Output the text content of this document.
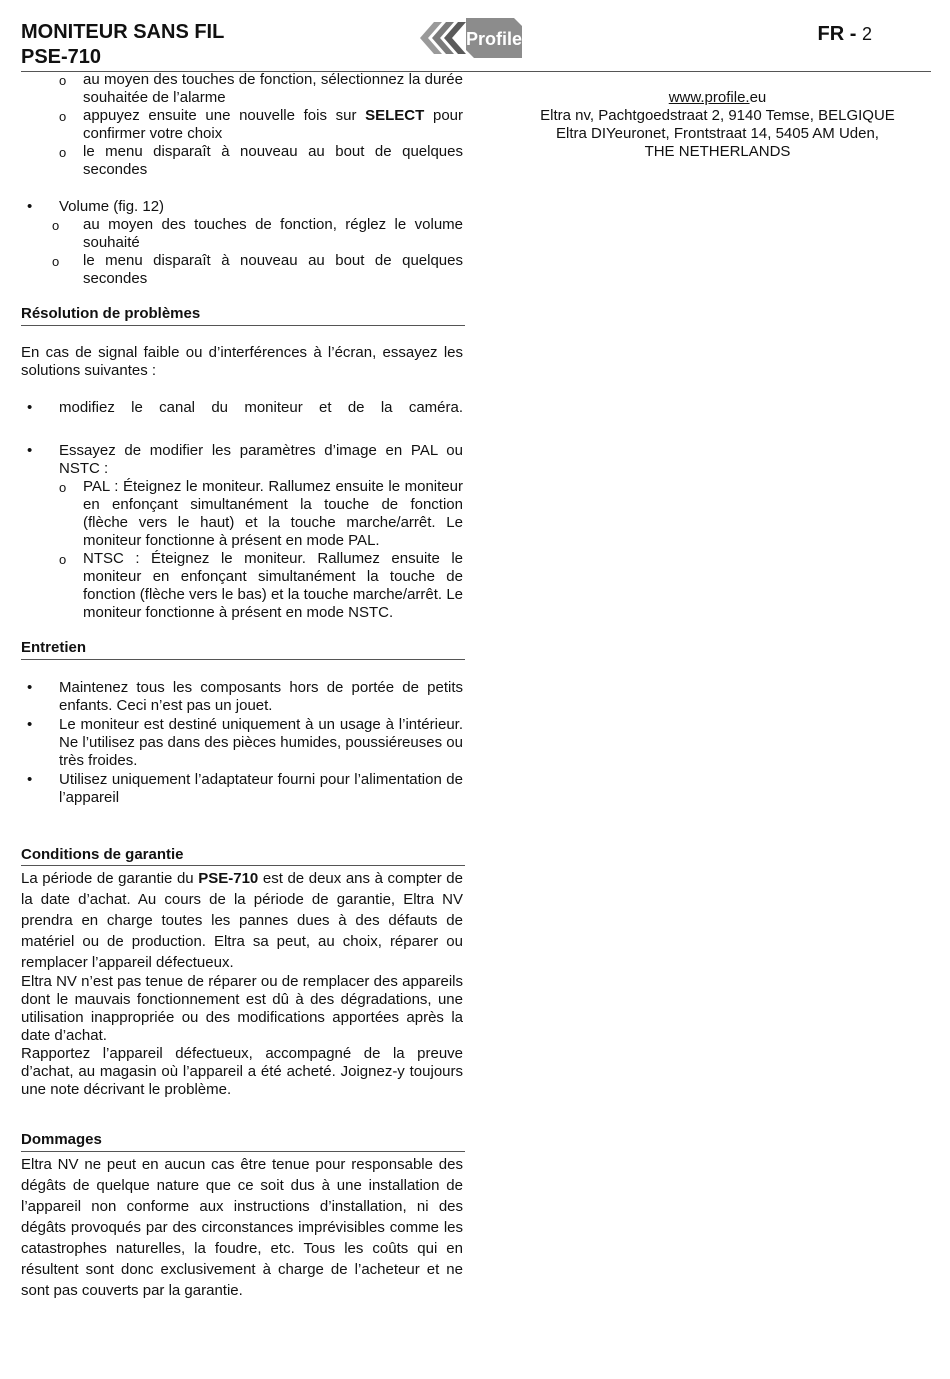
MONITEUR SANS FIL
PSE-710
Profile	FR - 2
www.profile.eu
Eltra nv, Pachtgoedstraat 2, 9140 Temse, BELGIQUE
Eltra DIYeuronet, Frontstraat 14, 5405 AM Uden,
THE NETHERLANDS
o au moyen des touches de fonction, sélectionnez la durée souhaitée de l’alarme
o appuyez ensuite une nouvelle fois sur SELECT pour confirmer votre choix
o le menu disparaît à nouveau au bout de quelques secondes
• Volume (fig. 12)
o au moyen des touches de fonction, réglez le volume souhaité
o le menu disparaît à nouveau au bout de quelques secondes
Résolution de problèmes
En cas de signal faible ou d’interférences à l’écran, essayez les solutions suivantes :
• modifiez le canal du moniteur et de la caméra.
• Essayez de modifier les paramètres d’image en PAL ou NSTC :
o PAL : Éteignez le moniteur. Rallumez ensuite le moniteur en enfonçant simultanément la touche de fonction (flèche vers le haut) et la touche marche/arrêt. Le moniteur fonctionne à présent en mode PAL.
o NTSC : Éteignez le moniteur. Rallumez ensuite le moniteur en enfonçant simultanément la touche de fonction (flèche vers le bas) et la touche marche/arrêt. Le moniteur fonctionne à présent en mode NSTC.
Entretien
• Maintenez tous les composants hors de portée de petits enfants. Ceci n’est pas un jouet.
• Le moniteur est destiné uniquement à un usage à l’intérieur. Ne l’utilisez pas dans des pièces humides, poussiéreuses ou très froides.
• Utilisez uniquement l’adaptateur fourni pour l’alimentation de l’appareil
Conditions de garantie

La période de garantie du PSE-710 est de deux ans à compter de la date d’achat. Au cours de la période de garantie, Eltra NV prendra en charge toutes les pannes dues à des défauts de matériel ou de production. Eltra sa peut, au choix, réparer ou remplacer l’appareil défectueux.

Eltra NV n’est pas tenue de réparer ou de remplacer des appareils dont le mauvais fonctionnement est dû à des dégradations, une utilisation inappropriée ou des modifications apportées après la date d’achat.

Rapportez l’appareil défectueux, accompagné de la preuve d’achat, au magasin où l’appareil a été acheté. Joignez-y toujours une note décrivant le problème.

Dommages

Eltra NV ne peut en aucun cas être tenue pour responsable des dégâts de quelque nature que ce soit dus à une installation de l’appareil non conforme aux instructions d’installation, ni des dégâts provoqués par des circonstances imprévisibles comme les catastrophes naturelles, la foudre, etc. Tous les coûts qui en résultent sont donc exclusivement à charge de l’acheteur et ne sont pas couverts par la garantie.
